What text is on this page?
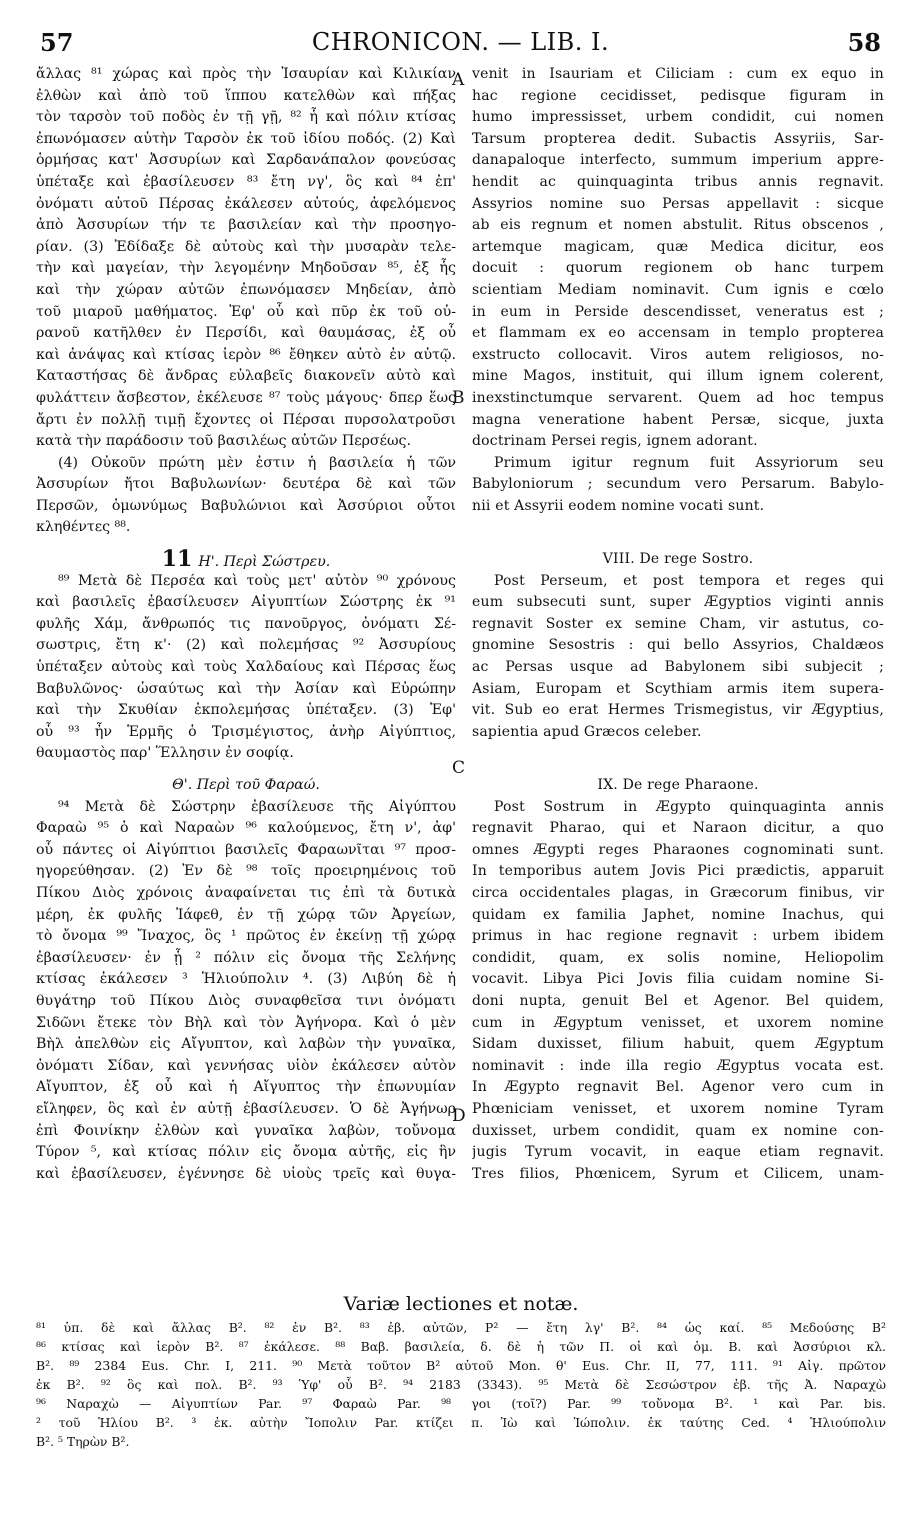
57	CHRONICON. — LIB. I.	58
A
B
C
D
ἄλλας ⁸¹ χώρας καὶ πρὸς τὴν Ἰσαυρίαν καὶ Κιλικίαν
ἐλθὼν καὶ ἀπὸ τοῦ ἵππου κατελθὼν καὶ πήξας
τὸν ταρσὸν τοῦ ποδὸς ἐν τῇ γῇ, ⁸² ἧ καὶ πόλιν κτίσας
ἐπωνόμασεν αὐτὴν Ταρσὸν ἐκ τοῦ ἰδίου ποδός. (2) Καὶ
ὁρμήσας κατ' Ἀσσυρίων καὶ Σαρδανάπαλον φονεύσας
ὑπέταξε καὶ ἐβασίλευσεν ⁸³ ἔτη νγ', ὃς καὶ ⁸⁴ ἐπ'
ὀνόματι αὐτοῦ Πέρσας ἐκάλεσεν αὐτούς, ἀφελόμενος
ἀπὸ Ἀσσυρίων τήν τε βασιλείαν καὶ τὴν προσηγο-
ρίαν. (3) Ἐδίδαξε δὲ αὐτοὺς καὶ τὴν μυσαρὰν τελε-
τὴν καὶ μαγείαν, τὴν λεγομένην Μηδοῦσαν ⁸⁵, ἐξ ἧς
καὶ τὴν χώραν αὐτῶν ἐπωνόμασεν Μηδείαν, ἀπὸ
τοῦ μιαροῦ μαθήματος. Ἐφ' οὗ καὶ πῦρ ἐκ τοῦ οὐ-
ρανοῦ κατῆλθεν ἐν Περσίδι, καὶ θαυμάσας, ἐξ οὗ
καὶ ἀνάψας καὶ κτίσας ἱερὸν ⁸⁶ ἔθηκεν αὐτὸ ἐν αὐτῷ.
Καταστήσας δὲ ἄνδρας εὐλαβεῖς διακονεῖν αὐτὸ καὶ
φυλάττειν ἄσβεστον, ἐκέλευσε ⁸⁷ τοὺς μάγους· δπερ ἕως
ἄρτι ἐν πολλῇ τιμῇ ἔχοντες οἱ Πέρσαι πυρσολατροῦσι
κατὰ τὴν παράδοσιν τοῦ βασιλέως αὐτῶν Περσέως.
(4) Οὐκοῦν πρώτη μὲν ἐστιν ἡ βασιλεία ἡ τῶν
Ἀσσυρίων ἤτοι Βαβυλωνίων· δευτέρα δὲ καὶ τῶν
Περσῶν, ὁμωνύμως Βαβυλώνιοι καὶ Ἀσσύριοι οὗτοι
κληθέντες ⁸⁸.
11 Η'. Περὶ Σώστρευ.
⁸⁹ Μετὰ δὲ Περσέα καὶ τοὺς μετ' αὐτὸν ⁹⁰ χρόνους
καὶ βασιλεῖς ἐβασίλευσεν Αἰγυπτίων Σώστρης ἐκ ⁹¹
φυλῆς Χάμ, ἄνθρωπός τις πανοῦργος, ὀνόματι Σέ-
σωστρις, ἔτη κ'· (2) καὶ πολεμήσας ⁹² Ἀσσυρίους
ὑπέταξεν αὐτοὺς καὶ τοὺς Χαλδαίους καὶ Πέρσας ἕως
Βαβυλῶνος· ὡσαύτως καὶ τὴν Ἀσίαν καὶ Εὐρώπην
καὶ τὴν Σκυθίαν ἐκπολεμήσας ὑπέταξεν. (3) Ἐφ'
οὗ ⁹³ ἦν Ἑρμῆς ὁ Τρισμέγιστος, ἀνὴρ Αἰγύπτιος,
θαυμαστὸς παρ' Ἕλλησιν ἐν σοφίᾳ.
Θ'. Περὶ τοῦ Φαραώ.
⁹⁴ Μετὰ δὲ Σώστρην ἐβασίλευσε τῆς Αἰγύπτου
Φαραὼ ⁹⁵ ὁ καὶ Ναραὼν ⁹⁶ καλούμενος, ἔτη ν', ἀφ'
οὗ πάντες οἱ Αἰγύπτιοι βασιλεῖς Φαραωνῖται ⁹⁷ προσ-
ηγορεύθησαν. (2) Ἐν δὲ ⁹⁸ τοῖς προειρημένοις τοῦ
Πίκου Διὸς χρόνοις ἀναφαίνεται τις ἐπὶ τὰ δυτικὰ
μέρη, ἐκ φυλῆς Ἰάφεθ, ἐν τῇ χώρᾳ τῶν Ἀργείων,
τὸ ὄνομα ⁹⁹ Ἴναχος, ὃς ¹ πρῶτος ἐν ἐκείνῃ τῇ χώρᾳ
ἐβασίλευσεν· ἐν ᾗ ² πόλιν εἰς ὄνομα τῆς Σελήνης
κτίσας ἐκάλεσεν ³ Ἡλιούπολιν ⁴. (3) Λιβύη δὲ ἡ
θυγάτηρ τοῦ Πίκου Διὸς συναφθεῖσα τινι ὀνόματι
Σιδῶνι ἔτεκε τὸν Βὴλ καὶ τὸν Ἀγήνορα. Καὶ ὁ μὲν
Βὴλ ἀπελθὼν εἰς Αἴγυπτον, καὶ λαβὼν τὴν γυναῖκα,
ὀνόματι Σίδαν, καὶ γεννήσας υἱὸν ἐκάλεσεν αὐτὸν
Αἴγυπτον, ἐξ οὗ καὶ ἡ Αἴγυπτος τὴν ἐπωνυμίαν
εἴληφεν, ὃς καὶ ἐν αὐτῇ ἐβασίλευσεν. Ὁ δὲ Ἀγήνωρ
ἐπὶ Φοινίκην ἐλθὼν καὶ γυναῖκα λαβὼν, τοὔνομα
Τύρον ⁵, καὶ κτίσας πόλιν εἰς ὄνομα αὐτῆς, εἰς ἣν
καὶ ἐβασίλευσεν, ἐγέννησε δὲ υἱοὺς τρεῖς καὶ θυγα-
venit in Isauriam et Ciliciam : cum ex equo in
hac regione cecidisset, pedisque figuram in
humo impressisset, urbem condidit, cui nomen
Tarsum propterea dedit. Subactis Assyriis, Sar-
danapaloque interfecto, summum imperium appre-
hendit ac quinquaginta tribus annis regnavit.
Assyrios nomine suo Persas appellavit : sicque
ab eis regnum et nomen abstulit. Ritus obscenos ,
artemque magicam, quæ Medica dicitur, eos
docuit : quorum regionem ob hanc turpem
scientiam Mediam nominavit. Cum ignis e cœlo
in eum in Perside descendisset, veneratus est ;
et flammam ex eo accensam in templo propterea
exstructo collocavit. Viros autem religiosos, no-
mine Magos, instituit, qui illum ignem colerent,
inexstinctumque servarent. Quem ad hoc tempus
magna veneratione habent Persæ, sicque, juxta
doctrinam Persei regis, ignem adorant.
Primum igitur regnum fuit Assyriorum seu
Babyloniorum ; secundum vero Persarum. Babylo-
nii et Assyrii eodem nomine vocati sunt.
VIII. De rege Sostro.
Post Perseum, et post tempora et reges qui
eum subsecuti sunt, super Ægyptios viginti annis
regnavit Soster ex semine Cham, vir astutus, co-
gnomine Sesostris : qui bello Assyrios, Chaldæos
ac Persas usque ad Babylonem sibi subjecit ;
Asiam, Europam et Scythiam armis item supera-
vit. Sub eo erat Hermes Trismegistus, vir Ægyptius,
sapientia apud Græcos celeber.
IX. De rege Pharaone.
Post Sostrum in Ægypto quinquaginta annis
regnavit Pharao, qui et Naraon dicitur, a quo
omnes Ægypti reges Pharaones cognominati sunt.
In temporibus autem Jovis Pici prædictis, apparuit
circa occidentales plagas, in Græcorum finibus, vir
quidam ex familia Japhet, nomine Inachus, qui
primus in hac regione regnavit : urbem ibidem
condidit, quam, ex solis nomine, Heliopolim
vocavit. Libya Pici Jovis filia cuidam nomine Si-
doni nupta, genuit Bel et Agenor. Bel quidem,
cum in Ægyptum venisset, et uxorem nomine
Sidam duxisset, filium habuit, quem Ægyptum
nominavit : inde illa regio Ægyptus vocata est.
In Ægypto regnavit Bel. Agenor vero cum in
Phœniciam venisset, et uxorem nomine Tyram
duxisset, urbem condidit, quam ex nomine con-
jugis Tyrum vocavit, in eaque etiam regnavit.
Tres filios, Phœnicem, Syrum et Cilicem, unam-
Variæ lectiones et notæ.
⁸¹ ὑπ. δὲ καὶ ἄλλας B². ⁸² ἐν B². ⁸³ ἐβ. αὐτῶν, P² — ἔτη λγ' B². ⁸⁴ ὡς καί. ⁸⁵ Μεδούσης B²
⁸⁶ κτίσας καὶ ἱερὸν B². ⁸⁷ ἐκάλεσε. ⁸⁸ Βαβ. βασιλεία, δ. δὲ ἡ τῶν Π. οἱ καὶ ὁμ. Β. καὶ Ἀσσύριοι κλ.
B². ⁸⁹ 2384 Eus. Chr. I, 211. ⁹⁰ Μετὰ τοῦτον B² αὐτοῦ Mon. θ' Eus. Chr. II, 77, 111. ⁹¹ Αἰγ. πρῶτον
ἐκ B². ⁹² ὃς καὶ πολ. B². ⁹³ Ὑφ' οὗ B². ⁹⁴ 2183 (3343). ⁹⁵ Μετὰ δὲ Σεσώστρον ἐβ. τῆς Ἀ. Ναραχὼ
⁹⁶ Ναραχὼ — Αἰγυπτίων Par. ⁹⁷ Φαραὼ Par. ⁹⁸ γοι (τοῖ?) Par. ⁹⁹ τοὔνομα B². ¹ καὶ Par. bis.
² τοῦ Ἡλίου B². ³ ἐκ. αὐτὴν Ἴοπολιν Par. κτίζει π. Ἰὼ καὶ Ἰώπολιν. ἐκ ταύτης Ced. ⁴ Ἡλιούπολιν
B². ⁵ Τηρὼν B².
